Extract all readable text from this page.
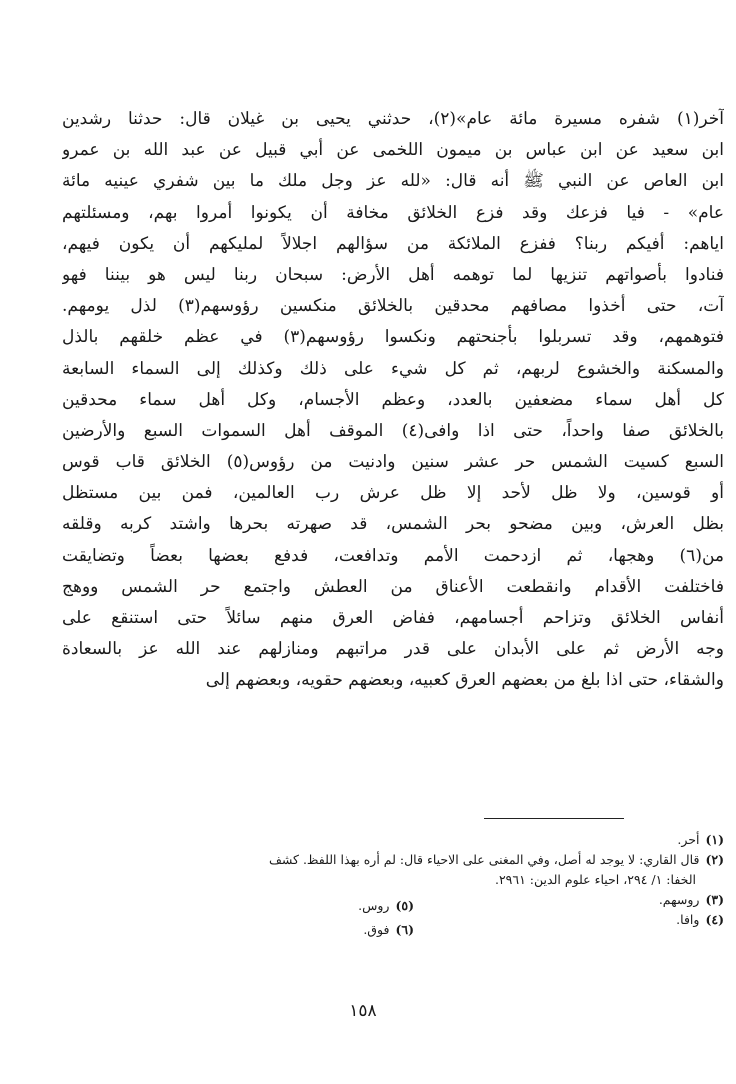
آخر(١) شفره مسيرة مائة عام»(٢)، حدثني يحيى بن غيلان قال: حدثنا رشدين
ابن سعيد عن ابن عباس بن ميمون اللخمى عن أبي قبيل عن عبد الله بن عمرو
ابن العاص عن النبي ﷺ أنه قال: «لله عز وجل ملك ما بين شفري عينيه مائة
عام» - فيا فزعك وقد فزع الخلائق مخافة أن يكونوا أمروا بهم، ومسئلتهم
اياهم: أفيكم ربنا؟ ففزع الملائكة من سؤالهم اجلالاً لمليكهم أن يكون فيهم،
فنادوا بأصواتهم تنزيها لما توهمه أهل الأرض: سبحان ربنا ليس هو بيننا فهو
آت، حتى أخذوا مصافهم محدقين بالخلائق منكسين رؤوسهم(٣) لذل يومهم.
فتوهمهم، وقد تسربلوا بأجنحتهم ونكسوا رؤوسهم(٣) في عظم خلقهم بالذل
والمسكنة والخشوع لربهم، ثم كل شيء على ذلك وكذلك إلى السماء السابعة
كل أهل سماء مضعفين بالعدد، وعظم الأجسام، وكل أهل سماء محدقين
بالخلائق صفا واحداً، حتى اذا وافى(٤) الموقف أهل السموات السبع والأرضين
السبع كسيت الشمس حر عشر سنين وادنيت من رؤوس(٥) الخلائق قاب قوس
أو قوسين، ولا ظل لأحد إلا ظل عرش رب العالمين، فمن بين مستظل
بظل العرش، وبين مضحو بحر الشمس، قد صهرته بحرها واشتد كربه وقلقه
من(٦) وهجها، ثم ازدحمت الأمم وتدافعت، فدفع بعضها بعضاً وتضايقت
فاختلفت الأقدام وانقطعت الأعناق من العطش واجتمع حر الشمس ووهج
أنفاس الخلائق وتزاحم أجسامهم، ففاض العرق منهم سائلاً حتى استنقع على
وجه الأرض ثم على الأبدان على قدر مراتبهم ومنازلهم عند الله عز بالسعادة
والشقاء، حتى اذا بلغ من بعضهم العرق كعبيه، وبعضهم حقويه، وبعضهم إلى
(١)أحر.
(٢)قال القاري: لا يوجد له أصل، وفي المغنى على الاحياء قال: لم أره بهذا اللفظ. كشف
الخفا: ١/ ٢٩٤، احياء علوم الدين: ٢٩٦١.
(٣)روسهم.
(٤)وافا.
(٥)روس.
(٦)فوق.
١٥٨
